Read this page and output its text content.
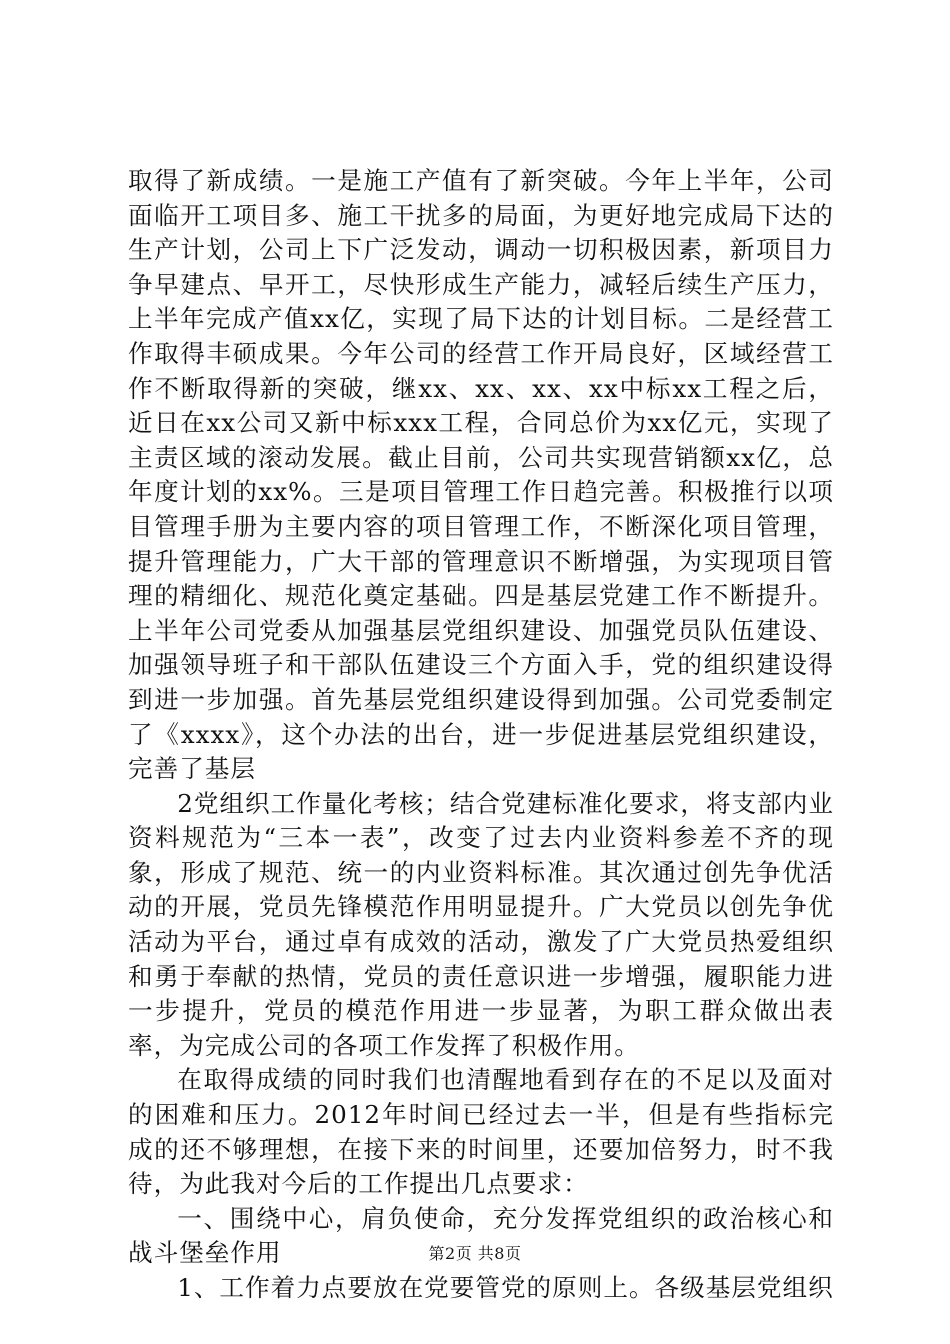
取得了新成绩。一是施工产值有了新突破。今年上半年，公司面临开工项目多、施工干扰多的局面，为更好地完成局下达的生产计划，公司上下广泛发动，调动一切积极因素，新项目力争早建点、早开工，尽快形成生产能力，减轻后续生产压力，上半年完成产值xx亿，实现了局下达的计划目标。二是经营工作取得丰硕成果。今年公司的经营工作开局良好，区域经营工作不断取得新的突破，继xx、xx、xx、xx中标xx工程之后，近日在xx公司又新中标xxx工程，合同总价为xx亿元，实现了主责区域的滚动发展。截止目前，公司共实现营销额xx亿，总年度计划的xx%。三是项目管理工作日趋完善。积极推行以项目管理手册为主要内容的项目管理工作，不断深化项目管理，提升管理能力，广大干部的管理意识不断增强，为实现项目管理的精细化、规范化奠定基础。四是基层党建工作不断提升。上半年公司党委从加强基层党组织建设、加强党员队伍建设、加强领导班子和干部队伍建设三个方面入手，党的组织建设得到进一步加强。首先基层党组织建设得到加强。公司党委制定了《xxxx》，这个办法的出台，进一步促进基层党组织建设，完善了基层

2党组织工作量化考核；结合党建标准化要求，将支部内业资料规范为“三本一表”，改变了过去内业资料参差不齐的现象，形成了规范、统一的内业资料标准。其次通过创先争优活动的开展，党员先锋模范作用明显提升。广大党员以创先争优活动为平台，通过卓有成效的活动，激发了广大党员热爱组织和勇于奉献的热情，党员的责任意识进一步增强，履职能力进一步提升，党员的模范作用进一步显著，为职工群众做出表率，为完成公司的各项工作发挥了积极作用。

在取得成绩的同时我们也清醒地看到存在的不足以及面对的困难和压力。2012年时间已经过去一半，但是有些指标完成的还不够理想，在接下来的时间里，还要加倍努力，时不我待，为此我对今后的工作提出几点要求：

一、围绕中心，肩负使命，充分发挥党组织的政治核心和战斗堡垒作用

1、工作着力点要放在党要管党的原则上。各级基层党组织

第2页 共8页
